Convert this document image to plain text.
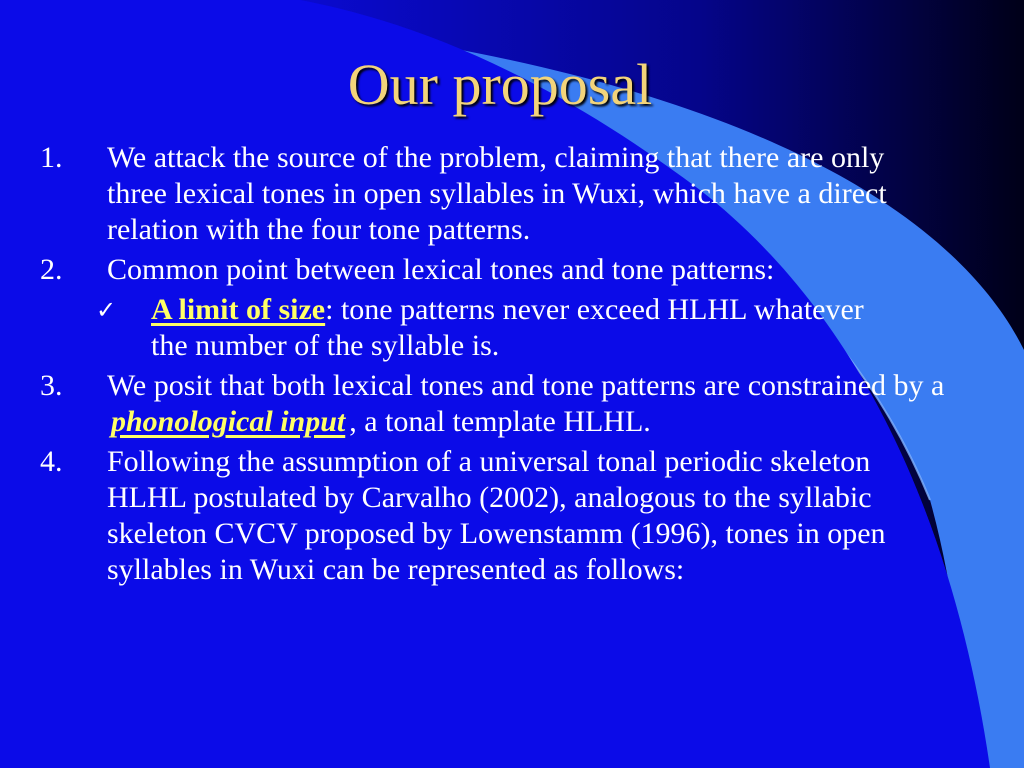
Our proposal
1. We attack the source of the problem, claiming that there are only three lexical tones in open syllables in Wuxi, which have a direct relation with the four tone patterns.
2. Common point between lexical tones and tone patterns:
✓ A limit of size: tone patterns never exceed HLHL whatever the number of the syllable is.
3. We posit that both lexical tones and tone patterns are constrained by a phonological input , a tonal template HLHL.
4. Following the assumption of a universal tonal periodic skeleton HLHL postulated by Carvalho (2002), analogous to the syllabic skeleton CVCV proposed by Lowenstamm (1996), tones in open syllables in Wuxi can be represented as follows:
